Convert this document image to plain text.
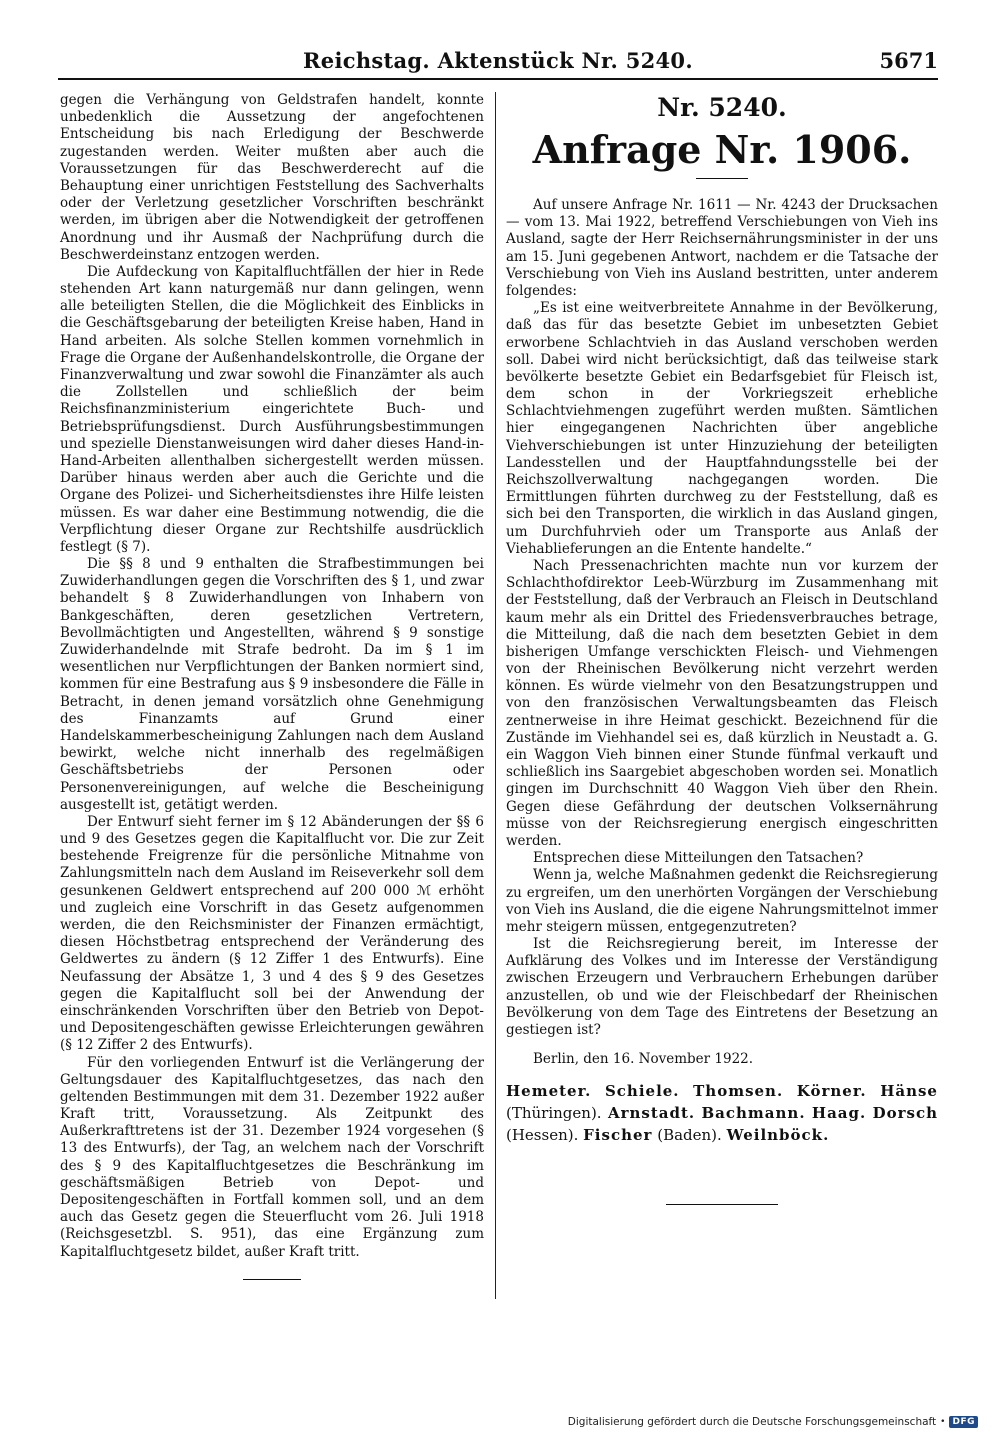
Reichstag. Aktenstück Nr. 5240.	5671

gegen die Verhängung von Geldstrafen handelt, konnte unbedenklich die Aussetzung der angefochtenen Entscheidung bis nach Erledigung der Beschwerde zugestanden werden. Weiter mußten aber auch die Voraussetzungen für das Beschwerderecht auf die Behauptung einer unrichtigen Feststellung des Sachverhalts oder der Verletzung gesetzlicher Vorschriften beschränkt werden, im übrigen aber die Notwendigkeit der getroffenen Anordnung und ihr Ausmaß der Nachprüfung durch die Beschwerdeinstanz entzogen werden.

Die Aufdeckung von Kapitalfluchtfällen der hier in Rede stehenden Art kann naturgemäß nur dann gelingen, wenn alle beteiligten Stellen, die die Möglichkeit des Einblicks in die Geschäftsgebarung der beteiligten Kreise haben, Hand in Hand arbeiten. Als solche Stellen kommen vornehmlich in Frage die Organe der Außenhandelskontrolle, die Organe der Finanzverwaltung und zwar sowohl die Finanzämter als auch die Zollstellen und schließlich der beim Reichsfinanzministerium eingerichtete Buch- und Betriebsprüfungsdienst. Durch Ausführungsbestimmungen und spezielle Dienstanweisungen wird daher dieses Hand-in-Hand-Arbeiten allenthalben sichergestellt werden müssen. Darüber hinaus werden aber auch die Gerichte und die Organe des Polizei- und Sicherheitsdienstes ihre Hilfe leisten müssen. Es war daher eine Bestimmung notwendig, die die Verpflichtung dieser Organe zur Rechtshilfe ausdrücklich festlegt (§ 7).

Die §§ 8 und 9 enthalten die Strafbestimmungen bei Zuwiderhandlungen gegen die Vorschriften des § 1, und zwar behandelt § 8 Zuwiderhandlungen von Inhabern von Bankgeschäften, deren gesetzlichen Vertretern, Bevollmächtigten und Angestellten, während § 9 sonstige Zuwiderhandelnde mit Strafe bedroht. Da im § 1 im wesentlichen nur Verpflichtungen der Banken normiert sind, kommen für eine Bestrafung aus § 9 insbesondere die Fälle in Betracht, in denen jemand vorsätzlich ohne Genehmigung des Finanzamts auf Grund einer Handelskammerbescheinigung Zahlungen nach dem Ausland bewirkt, welche nicht innerhalb des regelmäßigen Geschäftsbetriebs der Personen oder Personenvereinigungen, auf welche die Bescheinigung ausgestellt ist, getätigt werden.

Der Entwurf sieht ferner im § 12 Abänderungen der §§ 6 und 9 des Gesetzes gegen die Kapitalflucht vor. Die zur Zeit bestehende Freigrenze für die persönliche Mitnahme von Zahlungsmitteln nach dem Ausland im Reiseverkehr soll dem gesunkenen Geldwert entsprechend auf 200 000 ℳ erhöht und zugleich eine Vorschrift in das Gesetz aufgenommen werden, die den Reichsminister der Finanzen ermächtigt, diesen Höchstbetrag entsprechend der Veränderung des Geldwertes zu ändern (§ 12 Ziffer 1 des Entwurfs). Eine Neufassung der Absätze 1, 3 und 4 des § 9 des Gesetzes gegen die Kapitalflucht soll bei der Anwendung der einschränkenden Vorschriften über den Betrieb von Depot- und Depositengeschäften gewisse Erleichterungen gewähren (§ 12 Ziffer 2 des Entwurfs).

Für den vorliegenden Entwurf ist die Verlängerung der Geltungsdauer des Kapitalfluchtgesetzes, das nach den geltenden Bestimmungen mit dem 31. Dezember 1922 außer Kraft tritt, Voraussetzung. Als Zeitpunkt des Außerkrafttretens ist der 31. Dezember 1924 vorgesehen (§ 13 des Entwurfs), der Tag, an welchem nach der Vorschrift des § 9 des Kapitalfluchtgesetzes die Beschränkung im geschäftsmäßigen Betrieb von Depot- und Depositengeschäften in Fortfall kommen soll, und an dem auch das Gesetz gegen die Steuerflucht vom 26. Juli 1918 (Reichsgesetzbl. S. 951), das eine Ergänzung zum Kapitalfluchtgesetz bildet, außer Kraft tritt.

Nr. 5240.

Anfrage Nr. 1906.

Auf unsere Anfrage Nr. 1611 — Nr. 4243 der Drucksachen — vom 13. Mai 1922, betreffend Verschiebungen von Vieh ins Ausland, sagte der Herr Reichsernährungsminister in der uns am 15. Juni gegebenen Antwort, nachdem er die Tatsache der Verschiebung von Vieh ins Ausland bestritten, unter anderem folgendes:

„Es ist eine weitverbreitete Annahme in der Bevölkerung, daß das für das besetzte Gebiet im unbesetzten Gebiet erworbene Schlachtvieh in das Ausland verschoben werden soll. Dabei wird nicht berücksichtigt, daß das teilweise stark bevölkerte besetzte Gebiet ein Bedarfsgebiet für Fleisch ist, dem schon in der Vorkriegszeit erhebliche Schlachtviehmengen zugeführt werden mußten. Sämtlichen hier eingegangenen Nachrichten über angebliche Viehverschiebungen ist unter Hinzuziehung der beteiligten Landesstellen und der Hauptfahndungsstelle bei der Reichszollverwaltung nachgegangen worden. Die Ermittlungen führten durchweg zu der Feststellung, daß es sich bei den Transporten, die wirklich in das Ausland gingen, um Durchfuhrvieh oder um Transporte aus Anlaß der Viehablieferungen an die Entente handelte.“

Nach Pressenachrichten machte nun vor kurzem der Schlachthofdirektor Leeb-Würzburg im Zusammenhang mit der Feststellung, daß der Verbrauch an Fleisch in Deutschland kaum mehr als ein Drittel des Friedensverbrauches betrage, die Mitteilung, daß die nach dem besetzten Gebiet in dem bisherigen Umfange verschickten Fleisch- und Viehmengen von der Rheinischen Bevölkerung nicht verzehrt werden können. Es würde vielmehr von den Besatzungstruppen und von den französischen Verwaltungsbeamten das Fleisch zentnerweise in ihre Heimat geschickt. Bezeichnend für die Zustände im Viehhandel sei es, daß kürzlich in Neustadt a. G. ein Waggon Vieh binnen einer Stunde fünfmal verkauft und schließlich ins Saargebiet abgeschoben worden sei. Monatlich gingen im Durchschnitt 40 Waggon Vieh über den Rhein. Gegen diese Gefährdung der deutschen Volksernährung müsse von der Reichsregierung energisch eingeschritten werden.

Entsprechen diese Mitteilungen den Tatsachen?

Wenn ja, welche Maßnahmen gedenkt die Reichsregierung zu ergreifen, um den unerhörten Vorgängen der Verschiebung von Vieh ins Ausland, die die eigene Nahrungsmittelnot immer mehr steigern müssen, entgegenzutreten?

Ist die Reichsregierung bereit, im Interesse der Aufklärung des Volkes und im Interesse der Verständigung zwischen Erzeugern und Verbrauchern Erhebungen darüber anzustellen, ob und wie der Fleischbedarf der Rheinischen Bevölkerung von dem Tage des Eintretens der Besetzung an gestiegen ist?

Berlin, den 16. November 1922.

Hemeter. Schiele. Thomsen. Körner. Hänse (Thüringen). Arnstadt. Bachmann. Haag. Dorsch (Hessen). Fischer (Baden). Weilnböck.

Digitalisierung gefördert durch die Deutsche Forschungsgemeinschaft • DFG
